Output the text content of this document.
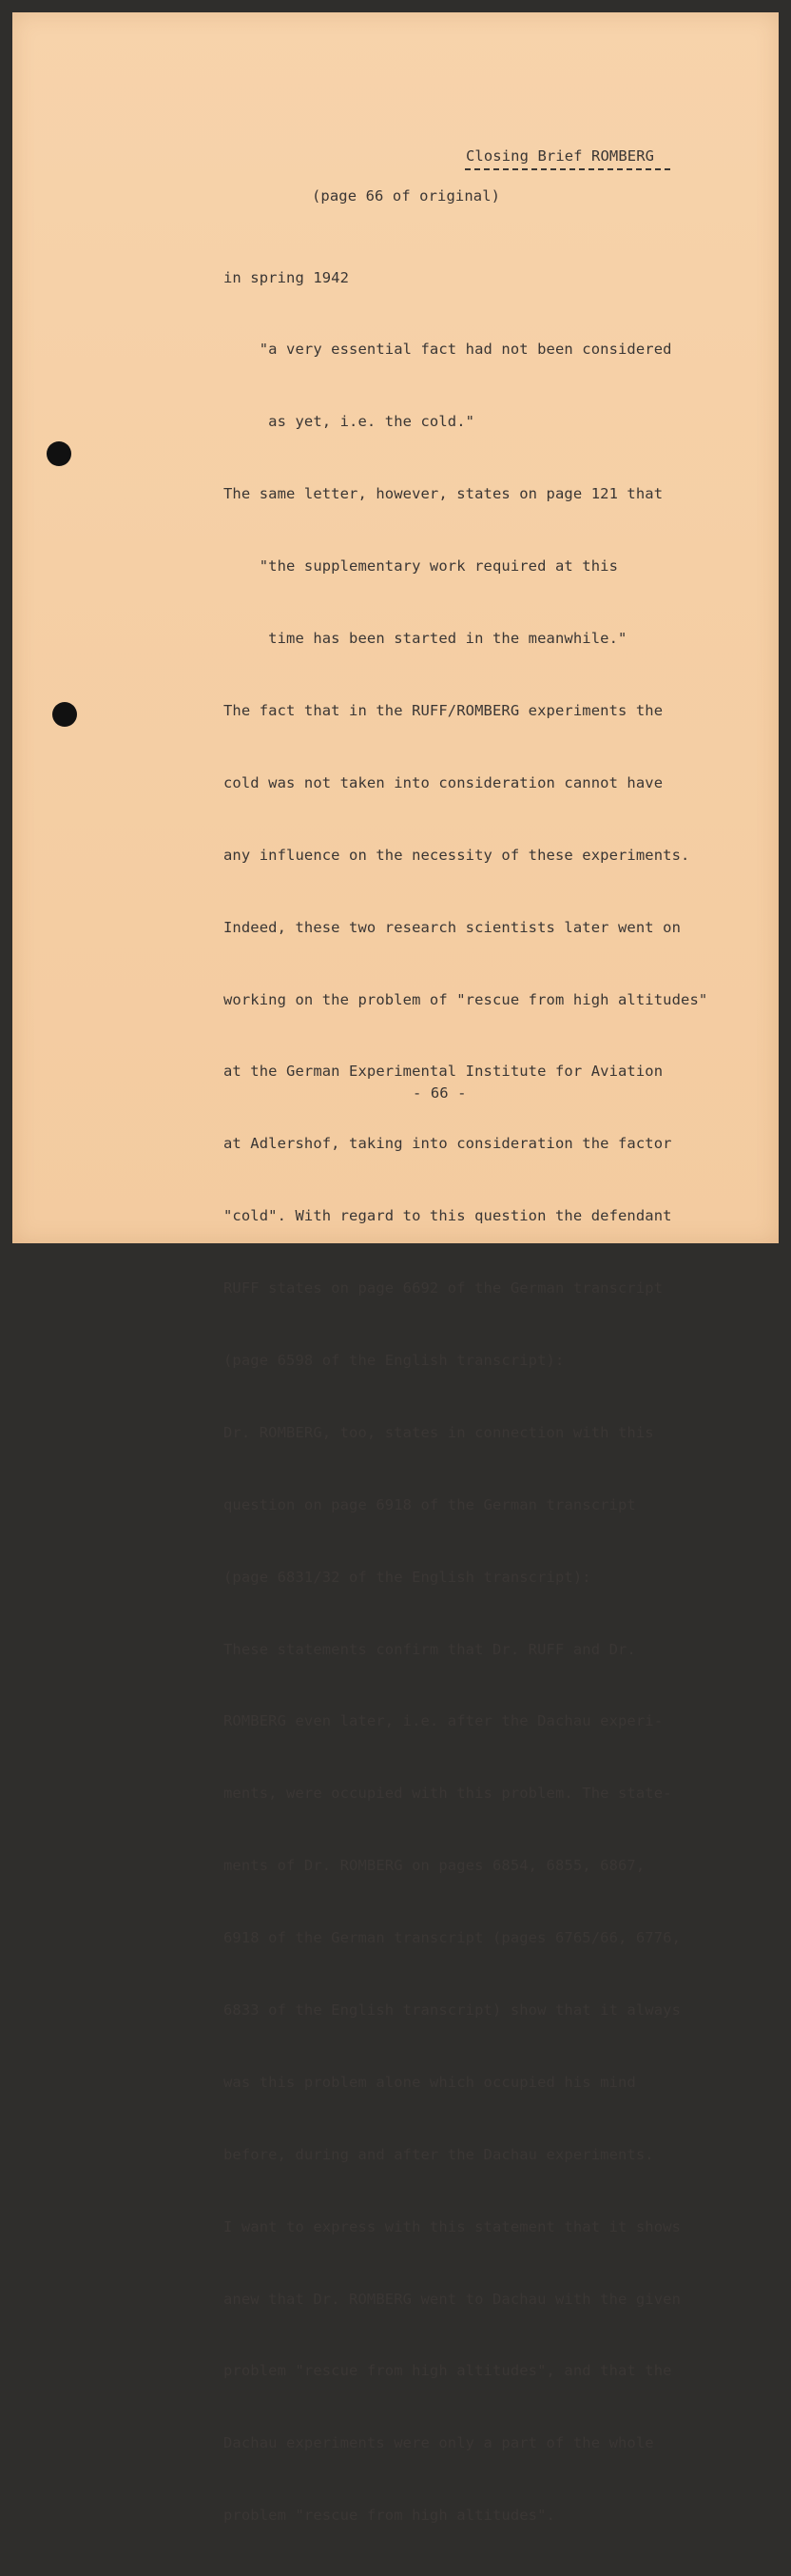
Closing Brief ROMBERG
(page 66 of original)

in spring 1942

"a very essential fact had not been considered

as yet, i.e. the cold."

The same letter, however, states on page 121 that

"the supplementary work required at this

time has been started in the meanwhile."

The fact that in the RUFF/ROMBERG experiments the

cold was not taken into consideration cannot have

any influence on the necessity of these experiments.

Indeed, these two research scientists later went on

working on the problem of "rescue from high altitudes"

at the German Experimental Institute for Aviation

at Adlershof, taking into consideration the factor

"cold". With regard to this question the defendant

RUFF states on page 6692 of the German transcript

(page 6598 of the English transcript):

Dr. ROMBERG, too, states in connection with this

question on page 6918 of the German transcript

(page 6831/32 of the English transcript):

These statements confirm that Dr. RUFF and Dr.

ROMBERG even later, i.e. after the Dachau experi-

ments, were occupied with this problem. The state-

ments of Dr. ROMBERG on pages 6854, 6855, 6867,

6918 of the German transcript (pages 6765/66, 6776,

6833 of the English transcript) show that it always

was this problem alone which occupied his mind

before, during and after the Dachau experiments.

I want to express with this statement that it shows

anew that Dr. ROMBERG went to Dachau with the given

problem "rescue from high altitudes", and that the

Dachau experiments were only a part of the whole

problem "rescue from high altitudes".

- 66 -
